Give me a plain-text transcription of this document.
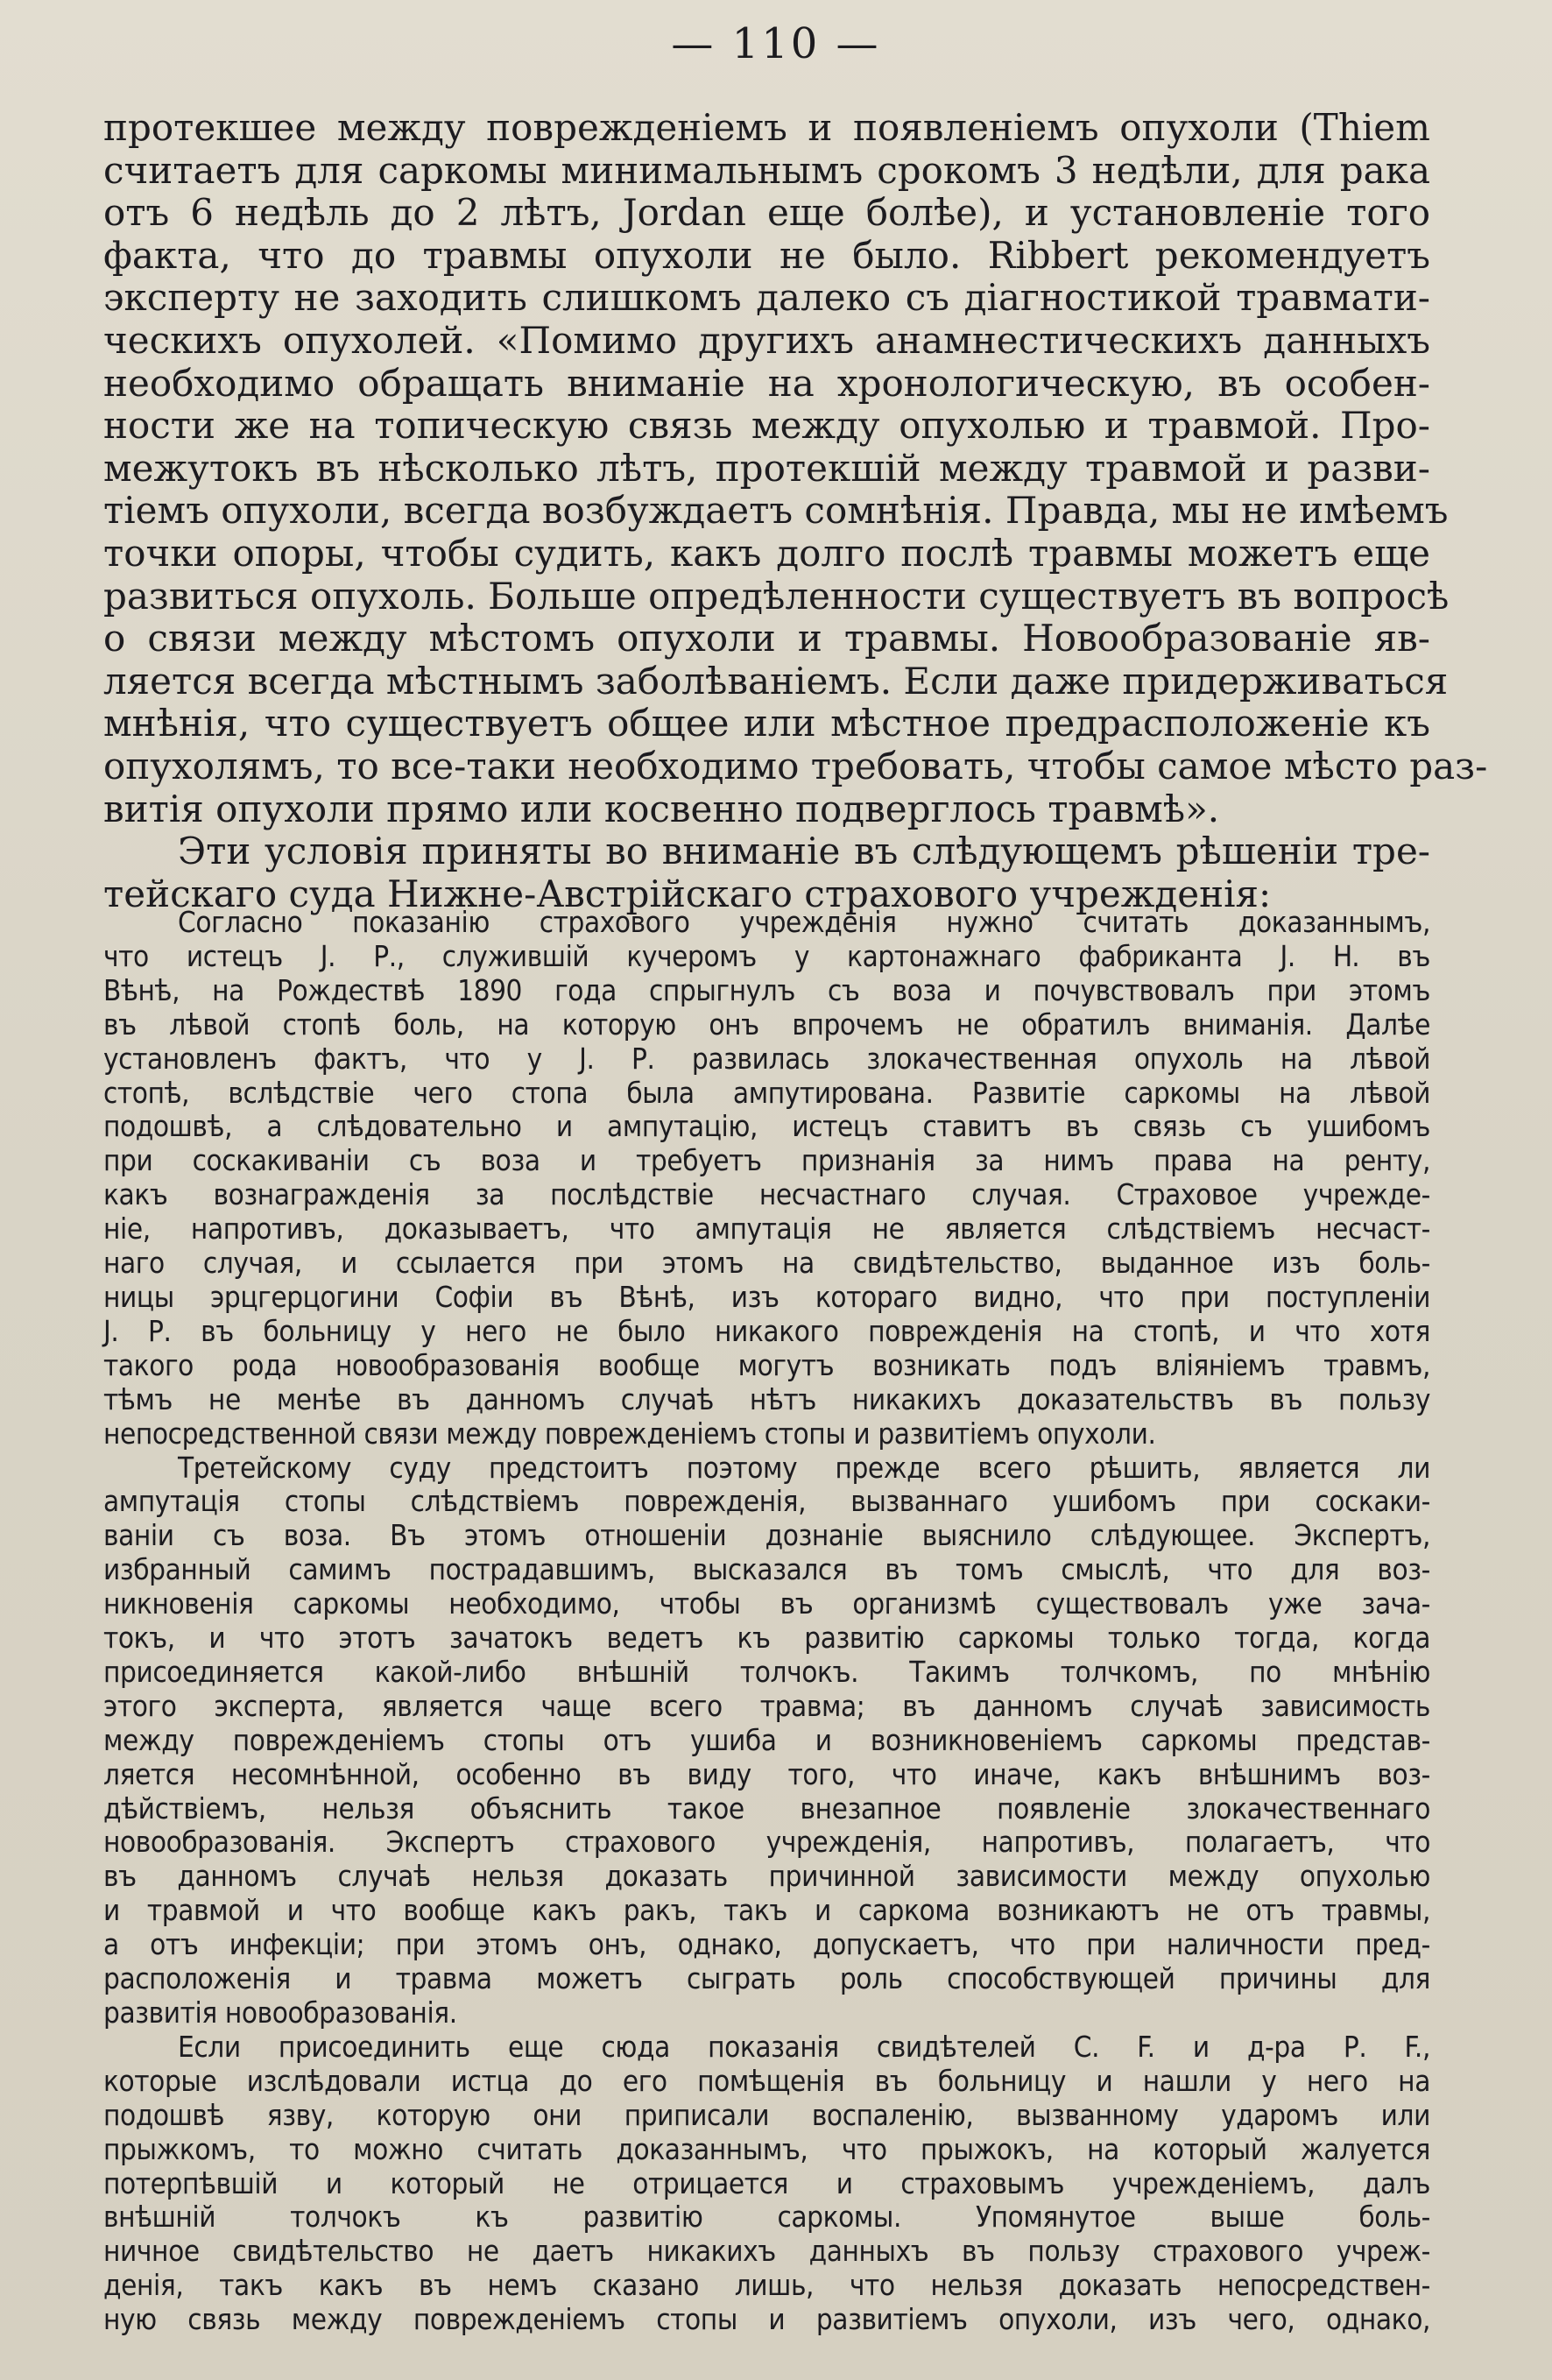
— 110 —
протекшее между поврежденіемъ и появленіемъ опухоли (Thiem
считаетъ для саркомы минимальнымъ срокомъ 3 недѣли, для рака
отъ 6 недѣль до 2 лѣтъ, Jordan еще болѣе), и установленіе того
факта, что до травмы опухоли не было. Ribbert рекомендуетъ
эксперту не заходить слишкомъ далеко съ діагностикой травмати-
ческихъ опухолей. «Помимо другихъ анамнестическихъ данныхъ
необходимо обращать вниманіе на хронологическую, въ особен-
ности же на топическую связь между опухолью и травмой. Про-
межутокъ въ нѣсколько лѣтъ, протекшій между травмой и разви-
тіемъ опухоли, всегда возбуждаетъ сомнѣнія. Правда, мы не имѣемъ
точки опоры, чтобы судить, какъ долго послѣ травмы можетъ еще
развиться опухоль. Больше опредѣленности существуетъ въ вопросѣ
о связи между мѣстомъ опухоли и травмы. Новообразованіе яв-
ляется всегда мѣстнымъ заболѣваніемъ. Если даже придерживаться
мнѣнія, что существуетъ общее или мѣстное предрасположеніе къ
опухолямъ, то все-таки необходимо требовать, чтобы самое мѣсто раз-
витія опухоли прямо или косвенно подверглось травмѣ».
Эти условія приняты во вниманіе въ слѣдующемъ рѣшеніи тре-
тейскаго суда Нижне-Австрійскаго страхового учрежденія:
Согласно показанію страхового учрежденія нужно считать доказаннымъ,
что истецъ J. Р., служившій кучеромъ у картонажнаго фабриканта J. H. въ
Вѣнѣ, на Рождествѣ 1890 года спрыгнулъ съ воза и почувствовалъ при этомъ
въ лѣвой стопѣ боль, на которую онъ впрочемъ не обратилъ вниманія. Далѣе
установленъ фактъ, что у J. Р. развилась злокачественная опухоль на лѣвой
стопѣ, вслѣдствіе чего стопа была ампутирована. Развитіе саркомы на лѣвой
подошвѣ, а слѣдовательно и ампутацію, истецъ ставитъ въ связь съ ушибомъ
при соскакиваніи съ воза и требуетъ признанія за нимъ права на ренту,
какъ вознагражденія за послѣдствіе несчастнаго случая. Страховое учрежде-
ніе, напротивъ, доказываетъ, что ампутація не является слѣдствіемъ несчаст-
наго случая, и ссылается при этомъ на свидѣтельство, выданное изъ боль-
ницы эрцгерцогини Софіи въ Вѣнѣ, изъ котораго видно, что при поступленіи
J. Р. въ больницу у него не было никакого поврежденія на стопѣ, и что хотя
такого рода новообразованія вообще могутъ возникать подъ вліяніемъ травмъ,
тѣмъ не менѣе въ данномъ случаѣ нѣтъ никакихъ доказательствъ въ пользу
непосредственной связи между поврежденіемъ стопы и развитіемъ опухоли.
Третейскому суду предстоитъ поэтому прежде всего рѣшить, является ли
ампутація стопы слѣдствіемъ поврежденія, вызваннаго ушибомъ при соскаки-
ваніи съ воза. Въ этомъ отношеніи дознаніе выяснило слѣдующее. Экспертъ,
избранный самимъ пострадавшимъ, высказался въ томъ смыслѣ, что для воз-
никновенія саркомы необходимо, чтобы въ организмѣ существовалъ уже зача-
токъ, и что этотъ зачатокъ ведетъ къ развитію саркомы только тогда, когда
присоединяется какой-либо внѣшній толчокъ. Такимъ толчкомъ, по мнѣнію
этого эксперта, является чаще всего травма; въ данномъ случаѣ зависимость
между поврежденіемъ стопы отъ ушиба и возникновеніемъ саркомы представ-
ляется несомнѣнной, особенно въ виду того, что иначе, какъ внѣшнимъ воз-
дѣйствіемъ, нельзя объяснить такое внезапное появленіе злокачественнаго
новообразованія. Экспертъ страхового учрежденія, напротивъ, полагаетъ, что
въ данномъ случаѣ нельзя доказать причинной зависимости между опухолью
и травмой и что вообще какъ ракъ, такъ и саркома возникаютъ не отъ травмы,
а отъ инфекціи; при этомъ онъ, однако, допускаетъ, что при наличности пред-
расположенія и травма можетъ сыграть роль способствующей причины для
развитія новообразованія.
Если присоединить еще сюда показанія свидѣтелей С. F. и д-ра Р. F.,
которые изслѣдовали истца до его помѣщенія въ больницу и нашли у него на
подошвѣ язву, которую они приписали воспаленію, вызванному ударомъ или
прыжкомъ, то можно считать доказаннымъ, что прыжокъ, на который жалуется
потерпѣвшій и который не отрицается и страховымъ учрежденіемъ, далъ
внѣшній толчокъ къ развитію саркомы. Упомянутое выше боль-
ничное свидѣтельство не даетъ никакихъ данныхъ въ пользу страхового учреж-
денія, такъ какъ въ немъ сказано лишь, что нельзя доказать непосредствен-
ную связь между поврежденіемъ стопы и развитіемъ опухоли, изъ чего, однако,
